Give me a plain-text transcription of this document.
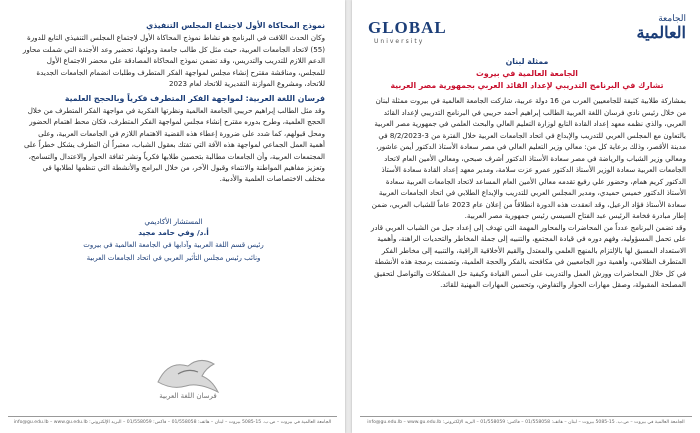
نموذج المحاكاة الأول لاجتماع المجلس التنفيذي
وكان الحدث اللافت في البرنامج هو نشاط نموذج المحاكاة الأول لاجتماع المجلس التنفيذي التابع للدورة (55) لاتحاد الجامعات العربية، حيث مثل كل طالب جامعة ودولتها، تحضير وعد الأجندة التي شملت محاور الدعم اللازم للتدريب والتدريس، وقد تضمن نموذج المحاكاة المصادقة على محضر الاجتماع الأول للمجلس، ومناقشة مقترح إنشاء مجلس لمواجهة الفكر المتطرف وطلبات انضمام الجامعات الجديدة للاتحاد، ومشروع الموازنة التقديرية للاتحاد لعام 2023
فرسان اللغة العربية: لمواجهة الفكر المتطرف فكرياً وبالحجج العلمية
وقد مثل الطالب إبراهيم حريبي الجامعة العالمية ونظرتها الفكرية في مواجهة الفكر المتطرف من خلال الحجج العلمية، وطرح بدوره مقترح إنشاء مجلس لمواجهة الفكر المتطرف، فكان محط اهتمام الحضور ومحل قبولهم، كما شدد على ضرورة إعطاء هذه القضية الاهتمام اللازم في الجامعات العربية، وعلى أهمية العمل الجماعي لمواجهة هذه الآفة التي تفتك بعقول الشباب، معتبراً أن التطرف يشكل خطراً على المجتمعات العربية، وأن الجامعات مطالبة بتحصين طلابها فكرياً ونشر ثقافة الحوار والاعتدال والتسامح، وتعزيز مفاهيم المواطنة والانتماء وقبول الآخر، من خلال البرامج والأنشطة التي تنظمها لطلابها في مختلف الاختصاصات العلمية والأدبية.
المستشار الأكاديمي
أ.د/ وفي حامد مجيد
رئيس قسم اللغة العربية وآدابها في الجامعة العالمية في بيروت
ونائب رئيس مجلس التأثير العربي في اتحاد الجامعات العربية
فرسان اللغة العربية
الجامعة العالمية في بيروت – ص.ب. 15-5085 بيروت – لبنان – هاتف: 01/558058 – فاكس: 01/558059 – البريد الإلكتروني: info@gu.edu.lb – www.gu.edu.lb
GLOBAL
University
الجامعة
العالمية
ممثلة لبنان
الجامعة العالمية في بيروت
تشارك في البرنامج التدريبي لإعداد القائد العربي بجمهورية مصر العربية
بمشاركة طلابية كثيفة للجامعيين العرب من 16 دولة عربية، شاركت الجامعة العالمية في بيروت ممثلة لبنان من خلال رئيس نادي فرسان اللغة العربية الطالب إبراهيم أحمد حريبي في البرنامج التدريبي لإعداد القائد العربي، والذي نظمه معهد إعداد القادة التابع لوزارة التعليم العالي والبحث العلمي في جمهورية مصر العربية بالتعاون مع المجلس العربي للتدريب والإبداع في اتحاد الجامعات العربية خلال الفترة من 3-8/2/2023 في مدينة الأقصر، وذلك برعاية كل من: معالي وزير التعليم العالي في مصر سعادة الأستاذ الدكتور أيمن عاشور، ومعالي وزير الشباب والرياضة في مصر سعادة الأستاذ الدكتور أشرف صبحي، ومعالي الأمين العام لاتحاد الجامعات العربية سعادة الوزير الأستاذ الدكتور عمرو عزت سلامة، ومدير معهد إعداد القادة سعادة الأستاذ الدكتور كريم همام، وحضور علي رفيع تقدمه معالي الأمين العام المساعد لاتحاد الجامعات العربية سعادة الأستاذ الدكتور خميس حميدي، ومدير المجلس العربي للتدريب والإبداع الطلابي في اتحاد الجامعات العربية سعادة الأستاذ فؤاد الرعيل، وقد انعقدت هذه الدورة انطلاقاً من إعلان عام 2023 عاماً للشباب العربي، ضمن إطار مبادرة فخامة الرئيس عبد الفتاح السيسي رئيس جمهورية مصر العربية.
وقد تضمن البرنامج عدداً من المحاضرات والمحاور المهمة التي تهدف إلى إعداد جيل من الشباب العربي قادر على تحمل المسؤولية، وفهم دوره في قيادة المجتمع، والتنبيه إلى جملة المخاطر والتحديات الراهنة، وأهمية الاستعداد المسبق لها بالإلتزام بالمنهج العلمي والمعتدل والقيم الأخلاقية الراقية، والتنبيه إلى مخاطر الفكر المتطرف الظلامي، وأهمية دور الجامعيين في مكافحته بالفكر والحجة العلمية، وتضمنت برمجة هذه الأنشطة في كل خلال المحاضرات وورش العمل والتدريب على أسس القيادة وكيفية حل المشكلات والتواصل لتحقيق المصلحة المقبولة، وصقل مهارات الحوار والتفاوض، وتحسين المهارات المهنية للقائد.
الجامعة العالمية في بيروت – ص.ب. 15-5085 بيروت – لبنان – هاتف: 01/558058 – فاكس: 01/558059 – البريد الإلكتروني: info@gu.edu.lb – www.gu.edu.lb
